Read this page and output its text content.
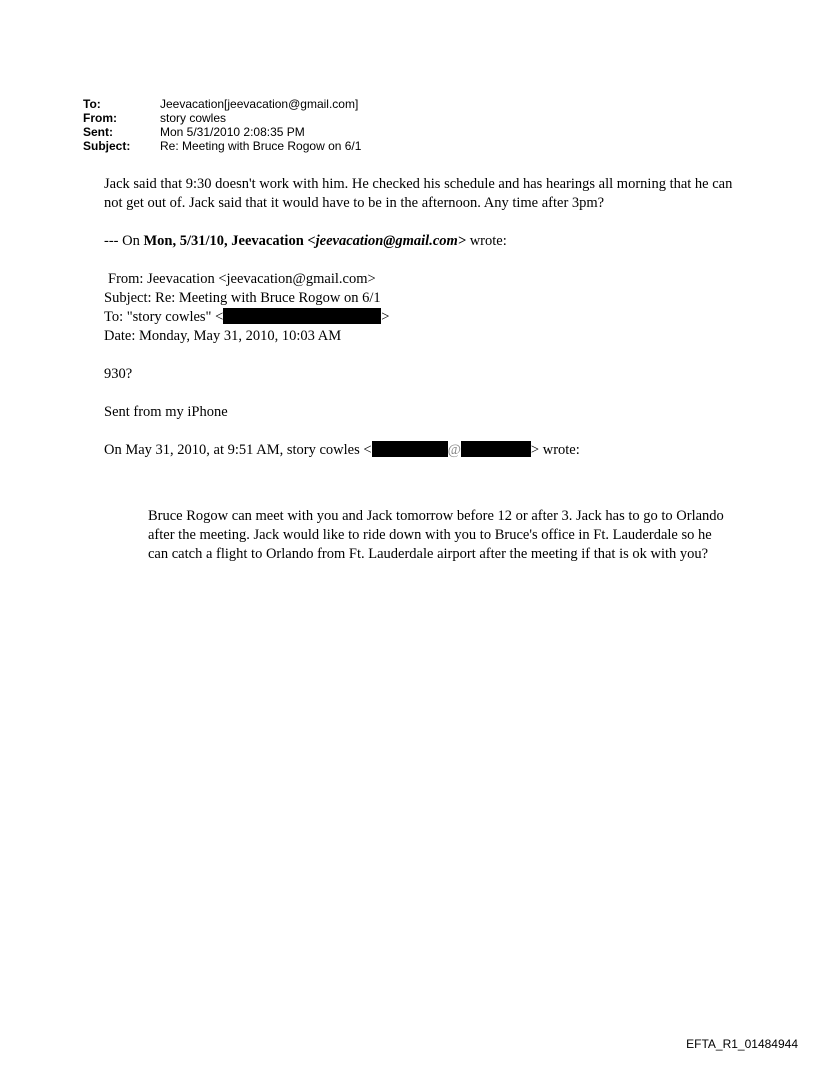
To:	Jeevacation[jeevacation@gmail.com]
From:	story cowles
Sent:	Mon 5/31/2010 2:08:35 PM
Subject:	Re: Meeting with Bruce Rogow on 6/1

Jack said that 9:30 doesn't work with him. He checked his schedule and has hearings all morning that he can not get out of. Jack said that it would have to be in the afternoon. Any time after 3pm?

--- On Mon, 5/31/10, Jeevacation <jeevacation@gmail.com> wrote:

From: Jeevacation <jeevacation@gmail.com>

Subject: Re: Meeting with Bruce Rogow on 6/1

To: "story cowles" <	>

Date: Monday, May 31, 2010, 10:03 AM

930?

Sent from my iPhone

On May 31, 2010, at 9:51 AM, story cowles <	@	> wrote:

Bruce Rogow can meet with you and Jack tomorrow before 12 or after 3. Jack has to go to Orlando after the meeting. Jack would like to ride down with you to Bruce's office in Ft. Lauderdale so he can catch a flight to Orlando from Ft. Lauderdale airport after the meeting if that is ok with you?

EFTA_R1_01484944
